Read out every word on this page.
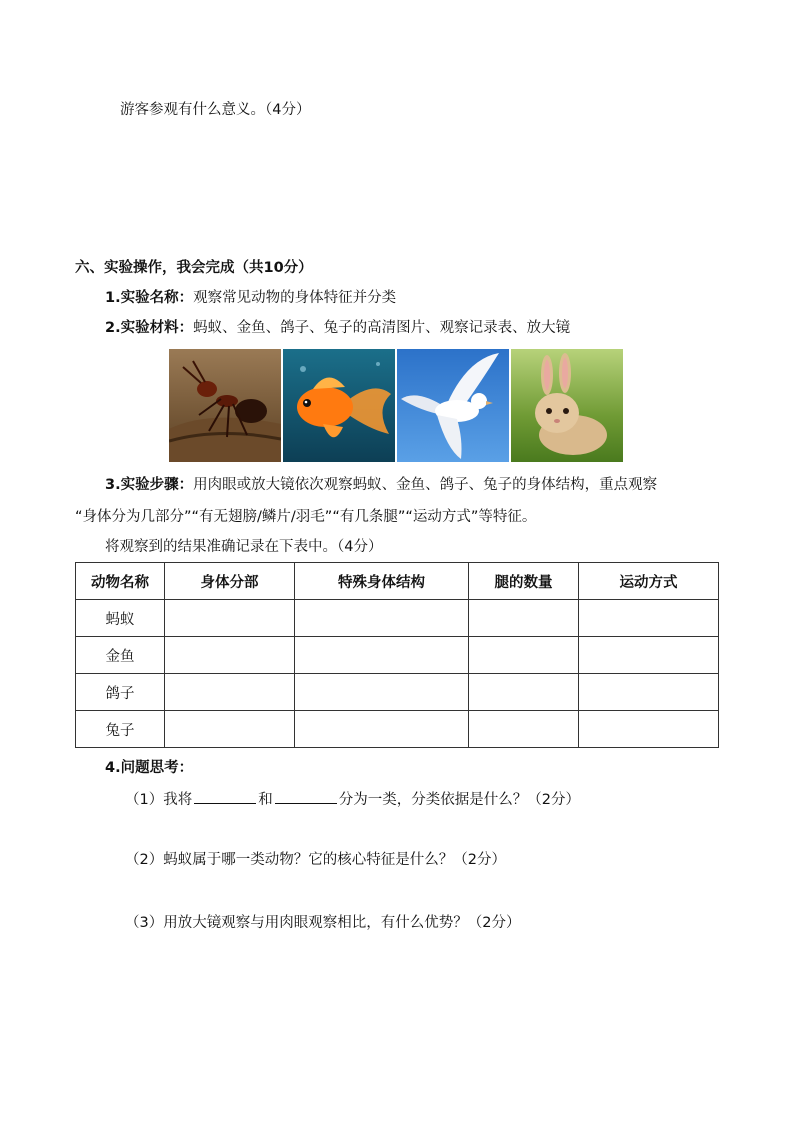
游客参观有什么意义。（4分）
六、实验操作，我会完成（共10分）
1.实验名称：观察常见动物的身体特征并分类
2.实验材料：蚂蚁、金鱼、鸽子、兔子的高清图片、观察记录表、放大镜
3.实验步骤：用肉眼或放大镜依次观察蚂蚁、金鱼、鸽子、兔子的身体结构，重点观察
“身体分为几部分”“有无翅膀/鳞片/羽毛”“有几条腿”“运动方式”等特征。
将观察到的结果准确记录在下表中。（4分）
动物名称	身体分部	特殊身体结构	腿的数量	运动方式
蚂蚁				
金鱼				
鸽子				
兔子				
4.问题思考：
（1）我将	和	分为一类，分类依据是什么？（2分）
（2）蚂蚁属于哪一类动物？它的核心特征是什么？（2分）
（3）用放大镜观察与用肉眼观察相比，有什么优势？（2分）
